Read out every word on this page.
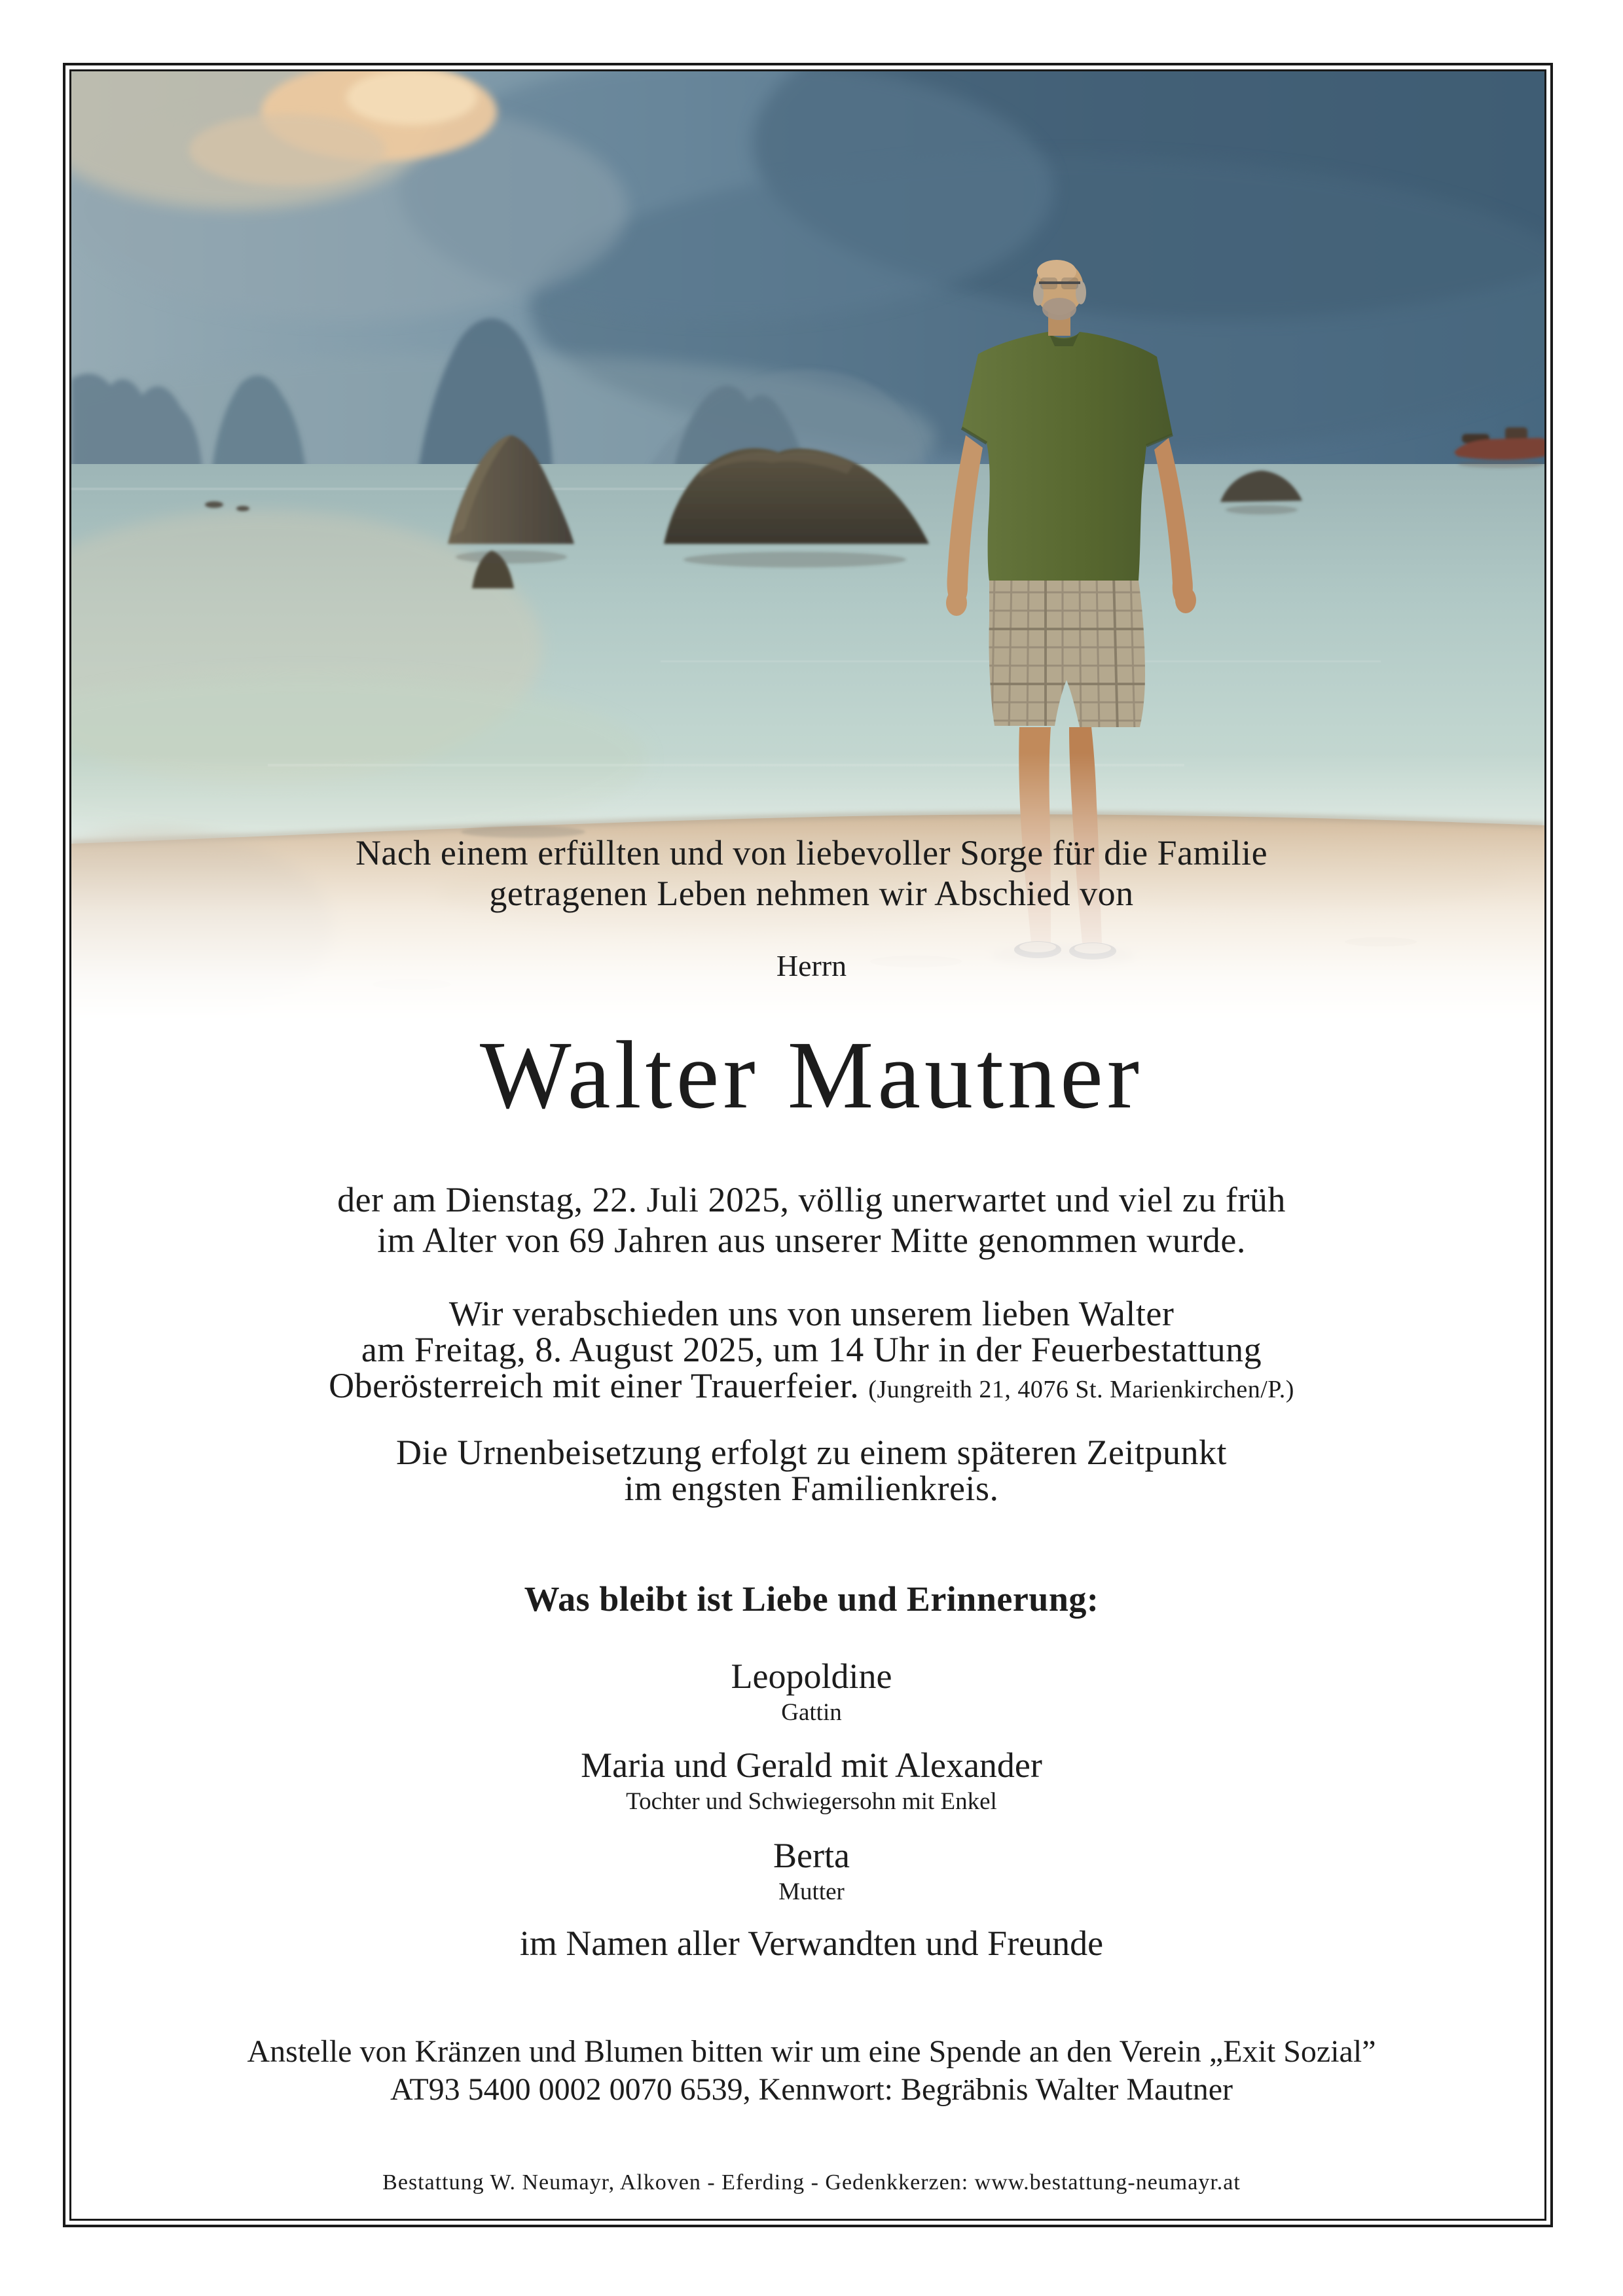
Nach einem erfüllten und von liebevoller Sorge für die Familie
getragenen Leben nehmen wir Abschied von
Herrn
Walter Mautner
der am Dienstag, 22. Juli 2025, völlig unerwartet und viel zu früh
im Alter von 69 Jahren aus unserer Mitte genommen wurde.
Wir verabschieden uns von unserem lieben Walter
am Freitag, 8. August 2025, um 14 Uhr in der Feuerbestattung
Oberösterreich mit einer Trauerfeier. (Jungreith 21, 4076 St. Marienkirchen/P.)
Die Urnenbeisetzung erfolgt zu einem späteren Zeitpunkt
im engsten Familienkreis.
Was bleibt ist Liebe und Erinnerung:
Leopoldine
Gattin
Maria und Gerald mit Alexander
Tochter und Schwiegersohn mit Enkel
Berta
Mutter
im Namen aller Verwandten und Freunde
Anstelle von Kränzen und Blumen bitten wir um eine Spende an den Verein „Exit Sozial”
AT93 5400 0002 0070 6539, Kennwort: Begräbnis Walter Mautner
Bestattung W. Neumayr, Alkoven - Eferding - Gedenkkerzen: www.bestattung-neumayr.at
